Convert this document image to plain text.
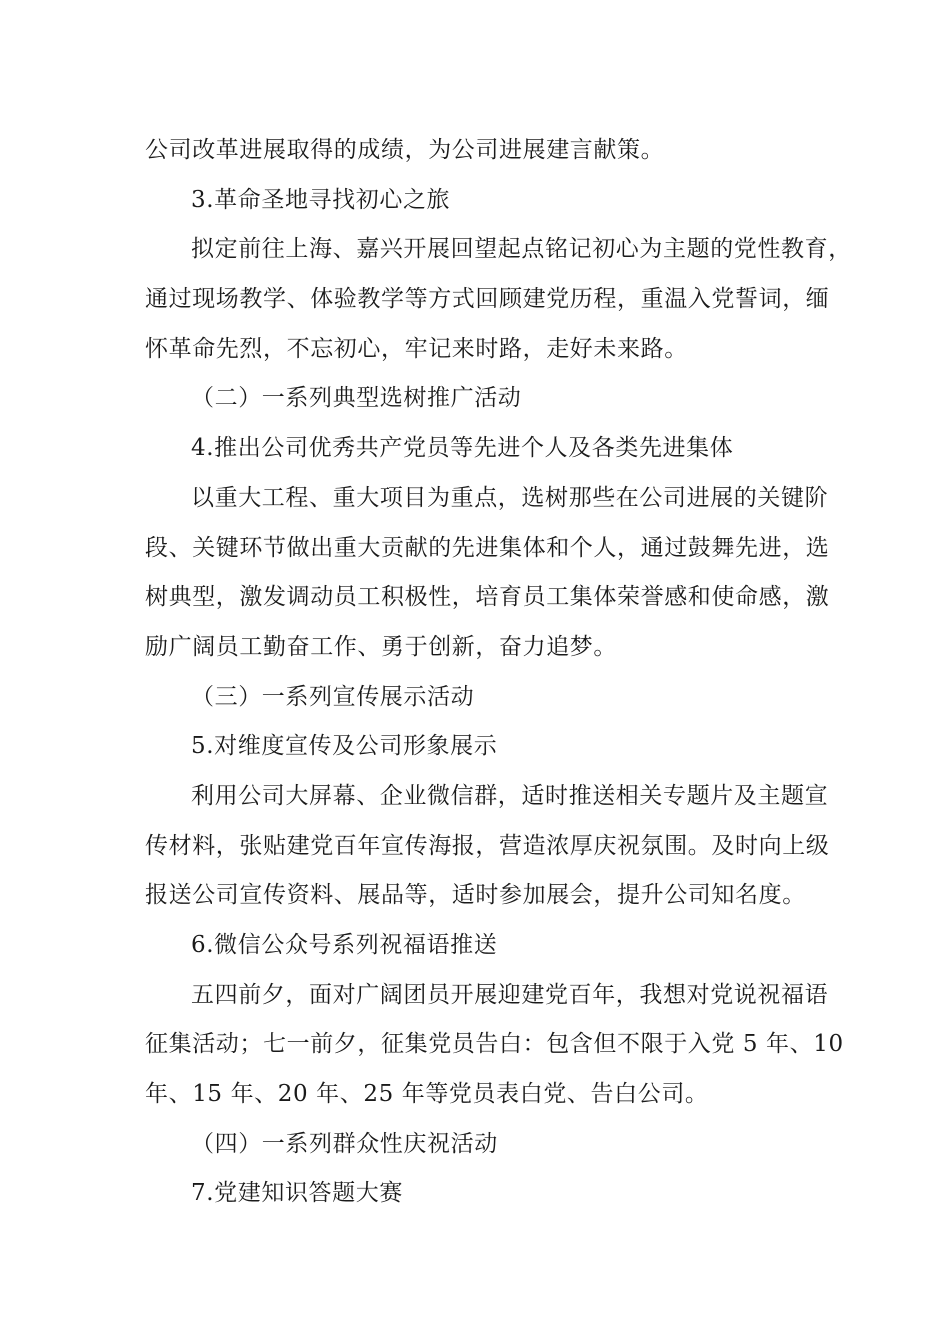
公司改革进展取得的成绩，为公司进展建言献策。
3.革命圣地寻找初心之旅
拟定前往上海、嘉兴开展回望起点铭记初心为主题的党性教育，
通过现场教学、体验教学等方式回顾建党历程，重温入党誓词，缅
怀革命先烈，不忘初心，牢记来时路，走好未来路。
（二）一系列典型选树推广活动
4.推出公司优秀共产党员等先进个人及各类先进集体
以重大工程、重大项目为重点，选树那些在公司进展的关键阶
段、关键环节做出重大贡献的先进集体和个人，通过鼓舞先进，选
树典型，激发调动员工积极性，培育员工集体荣誉感和使命感，激
励广阔员工勤奋工作、勇于创新，奋力追梦。
（三）一系列宣传展示活动
5.对维度宣传及公司形象展示
利用公司大屏幕、企业微信群，适时推送相关专题片及主题宣
传材料，张贴建党百年宣传海报，营造浓厚庆祝氛围。及时向上级
报送公司宣传资料、展品等，适时参加展会，提升公司知名度。
6.微信公众号系列祝福语推送
五四前夕，面对广阔团员开展迎建党百年，我想对党说祝福语
征集活动；七一前夕，征集党员告白：包含但不限于入党 5 年、10
年、15 年、20 年、25 年等党员表白党、告白公司。
（四）一系列群众性庆祝活动
7.党建知识答题大赛
